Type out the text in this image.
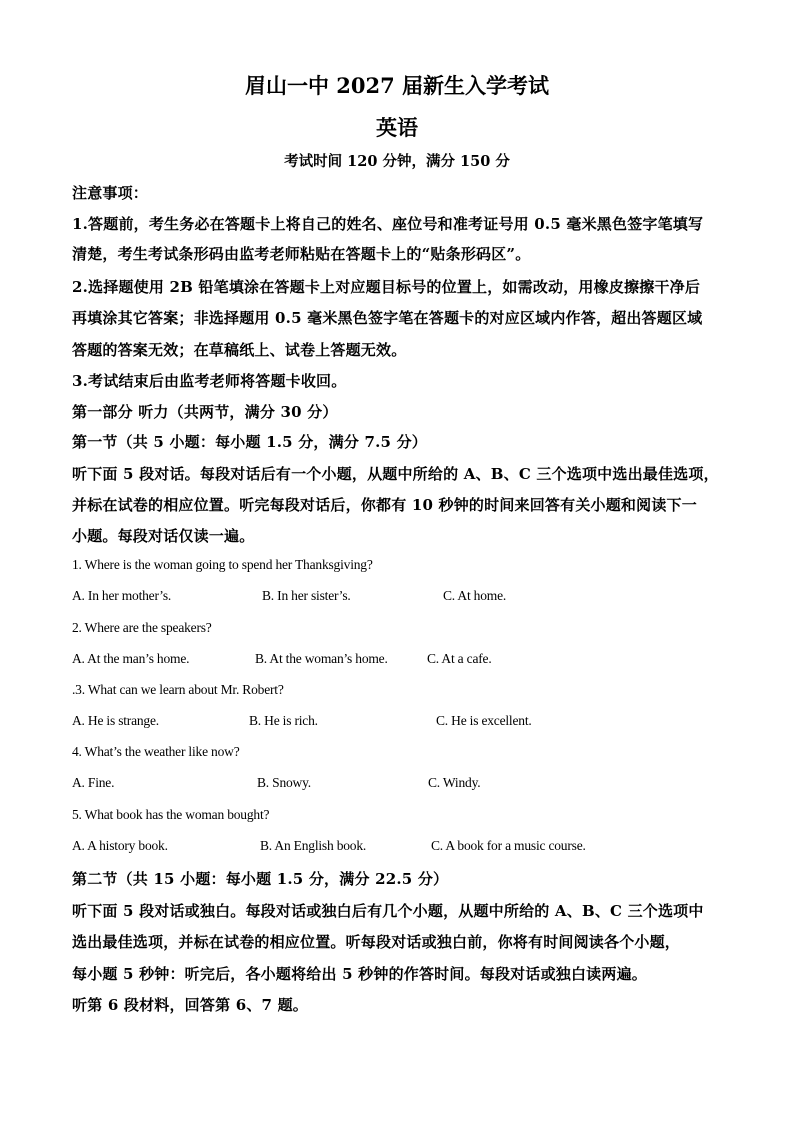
眉山一中 2027 届新生入学考试
英语
考试时间 120 分钟，满分 150 分
注意事项：
1.答题前，考生务必在答题卡上将自己的姓名、座位号和准考证号用 0.5 毫米黑色签字笔填写
清楚，考生考试条形码由监考老师粘贴在答题卡上的“贴条形码区”。
2.选择题使用 2B 铅笔填涂在答题卡上对应题目标号的位置上，如需改动，用橡皮擦擦干净后
再填涂其它答案；非选择题用 0.5 毫米黑色签字笔在答题卡的对应区域内作答，超出答题区域
答题的答案无效；在草稿纸上、试卷上答题无效。
3.考试结束后由监考老师将答题卡收回。
第一部分 听力（共两节，满分 30 分）
第一节（共 5 小题：每小题 1.5 分，满分 7.5 分）
听下面 5 段对话。每段对话后有一个小题，从题中所给的 A、B、C 三个选项中选出最佳选项，
并标在试卷的相应位置。听完每段对话后，你都有 10 秒钟的时间来回答有关小题和阅读下一
小题。每段对话仅读一遍。
1. Where is the woman going to spend her Thanksgiving?
A. In her mother’s.	B. In her sister’s.	C. At home.
2. Where are the speakers?
A. At the man’s home.	B. At the woman’s home.	C. At a cafe.
.3. What can we learn about Mr. Robert?
A. He is strange.	B. He is rich.	C. He is excellent.
4. What’s the weather like now?
A. Fine.	B. Snowy.	C. Windy.
5. What book has the woman bought?
A. A history book.	B. An English book.	C. A book for a music course.
第二节（共 15 小题：每小题 1.5 分，满分 22.5 分）
听下面 5 段对话或独白。每段对话或独白后有几个小题，从题中所给的 A、B、C 三个选项中
选出最佳选项，并标在试卷的相应位置。听每段对话或独白前，你将有时间阅读各个小题，
每小题 5 秒钟：听完后，各小题将给出 5 秒钟的作答时间。每段对话或独白读两遍。
听第 6 段材料，回答第 6、7 题。
